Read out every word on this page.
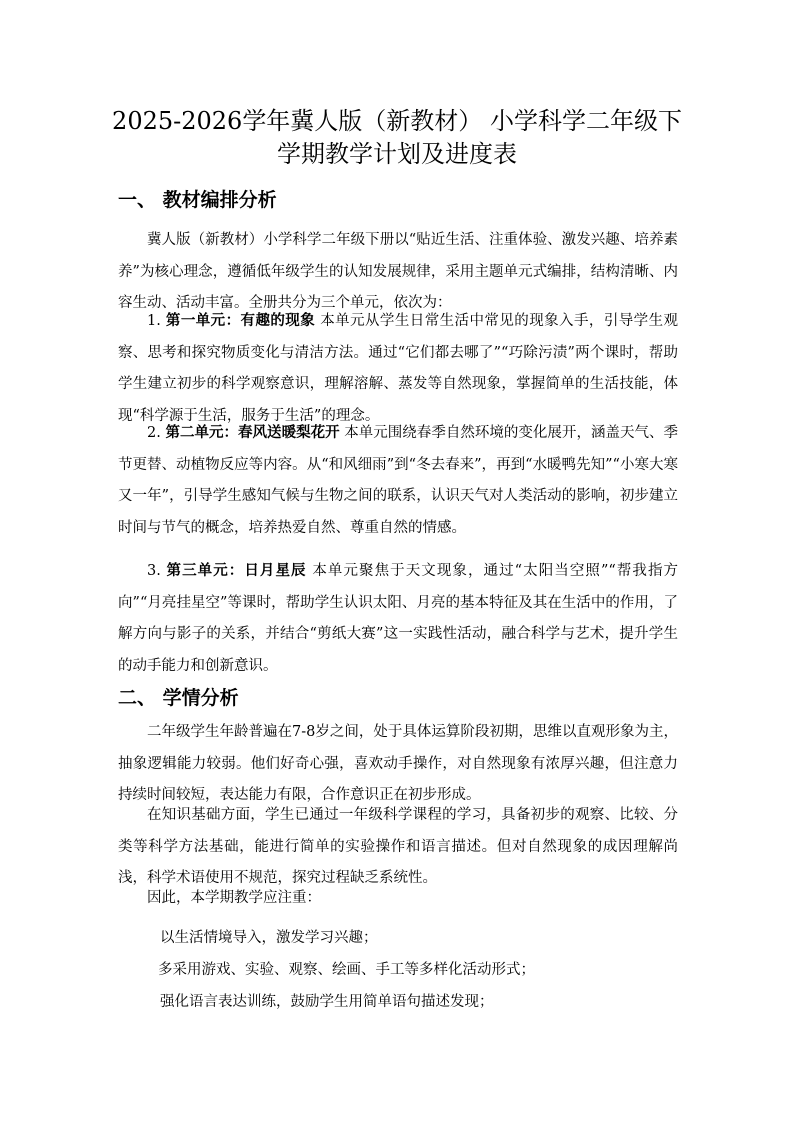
2025-2026学年冀人版（新教材） 小学科学二年级下
学期教学计划及进度表
一、 教材编排分析

冀人版（新教材）小学科学二年级下册以“贴近生活、注重体验、激发兴趣、培养素养”为核心理念，遵循低年级学生的认知发展规律，采用主题单元式编排，结构清晰、内容生动、活动丰富。全册共分为三个单元，依次为：

1. 第一单元：有趣的现象 本单元从学生日常生活中常见的现象入手，引导学生观察、思考和探究物质变化与清洁方法。通过“它们都去哪了”“巧除污渍”两个课时，帮助学生建立初步的科学观察意识，理解溶解、蒸发等自然现象，掌握简单的生活技能，体现“科学源于生活，服务于生活”的理念。

2. 第二单元：春风送暖梨花开 本单元围绕春季自然环境的变化展开，涵盖天气、季节更替、动植物反应等内容。从“和风细雨”到“冬去春来”，再到“水暖鸭先知”“小寒大寒又一年”，引导学生感知气候与生物之间的联系，认识天气对人类活动的影响，初步建立时间与节气的概念，培养热爱自然、尊重自然的情感。

3. 第三单元：日月星辰 本单元聚焦于天文现象，通过“太阳当空照”“帮我指方向”“月亮挂星空”等课时，帮助学生认识太阳、月亮的基本特征及其在生活中的作用，了解方向与影子的关系，并结合“剪纸大赛”这一实践性活动，融合科学与艺术，提升学生的动手能力和创新意识。

二、 学情分析

二年级学生年龄普遍在7-8岁之间，处于具体运算阶段初期，思维以直观形象为主，抽象逻辑能力较弱。他们好奇心强，喜欢动手操作，对自然现象有浓厚兴趣，但注意力持续时间较短，表达能力有限，合作意识正在初步形成。

在知识基础方面，学生已通过一年级科学课程的学习，具备初步的观察、比较、分类等科学方法基础，能进行简单的实验操作和语言描述。但对自然现象的成因理解尚浅，科学术语使用不规范，探究过程缺乏系统性。

因此，本学期教学应注重：

以生活情境导入，激发学习兴趣；
多采用游戏、实验、观察、绘画、手工等多样化活动形式；
强化语言表达训练，鼓励学生用简单语句描述发现；
